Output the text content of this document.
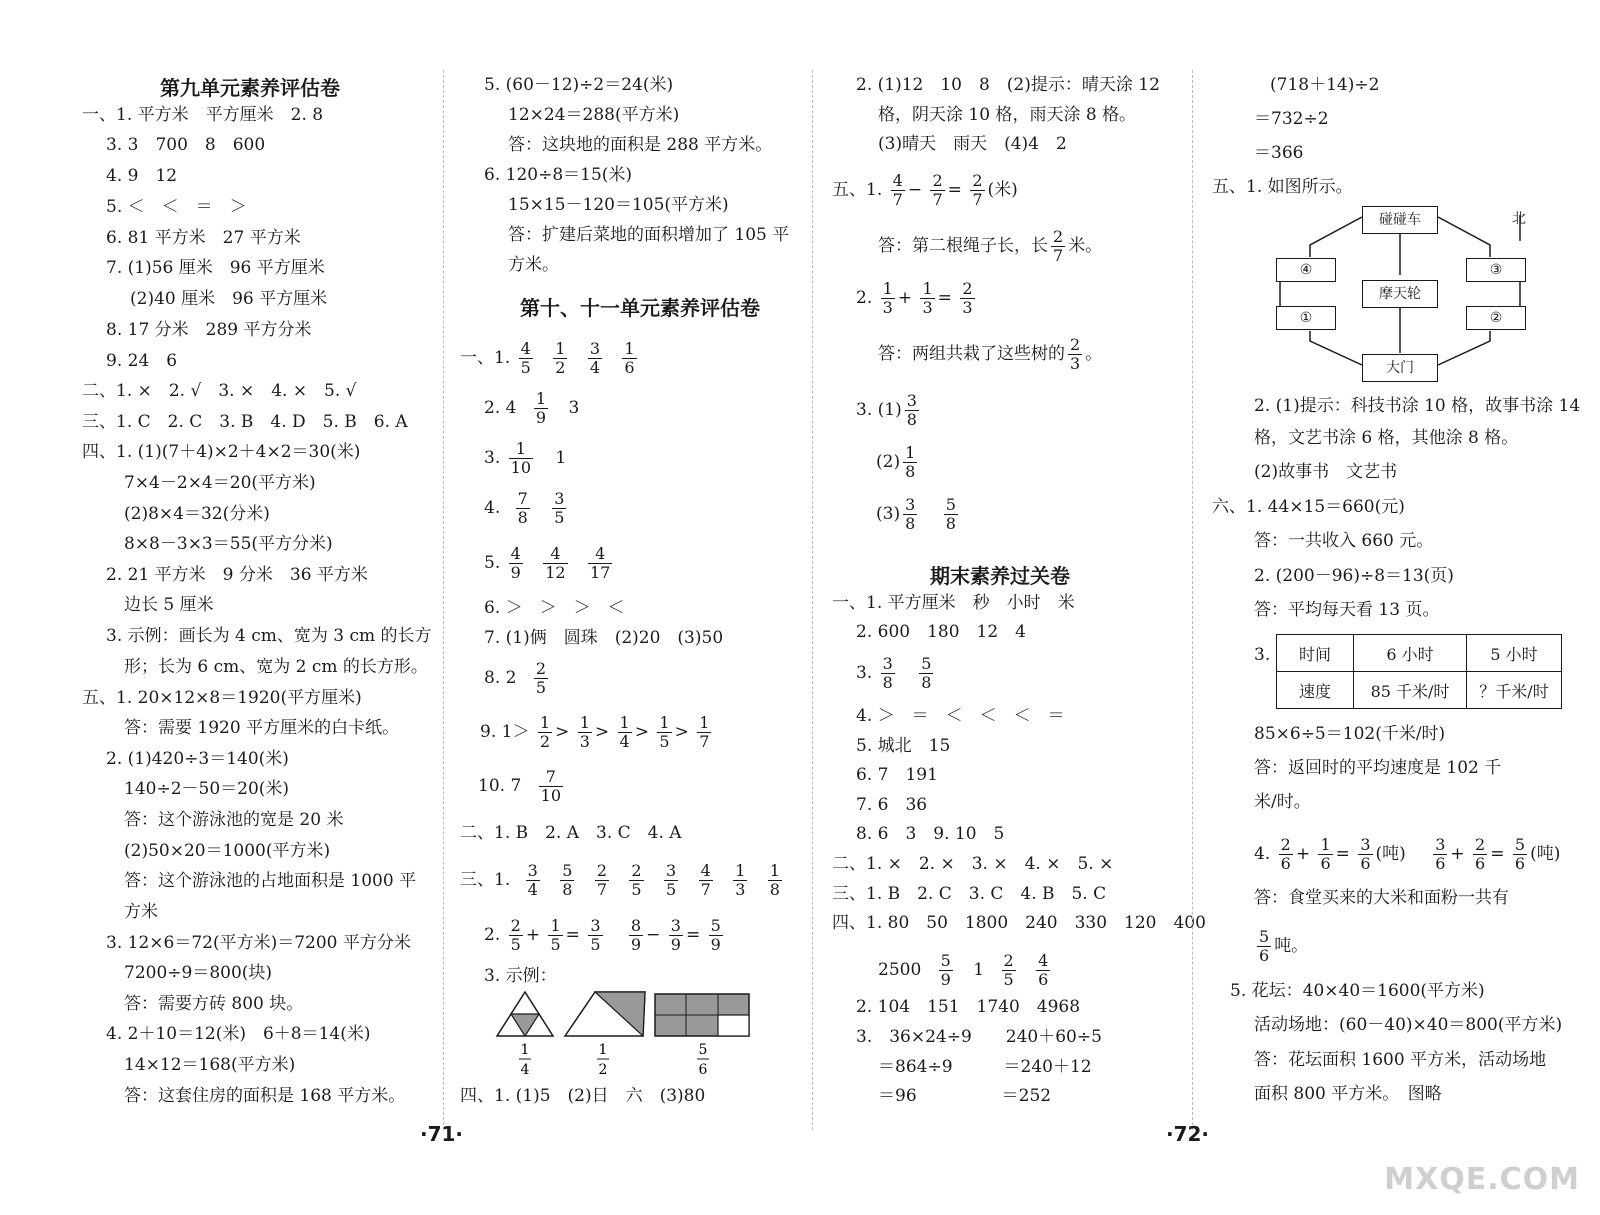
第九单元素养评估卷
一、1. 平方米　平方厘米　2. 8
3. 3　700　8　600
4. 9　12
5. ＜　＜　＝　＞
6. 81 平方米　27 平方米
7. (1)56 厘米　96 平方厘米
(2)40 厘米　96 平方厘米
8. 17 分米　289 平方分米
9. 24　6
二、1. ×　2. √　3. ×　4. ×　5. √
三、1. C　2. C　3. B　4. D　5. B　6. A
四、1. (1)(7＋4)×2＋4×2＝30(米)
7×4－2×4＝20(平方米)
(2)8×4＝32(分米)
8×8－3×3＝55(平方分米)
2. 21 平方米　9 分米　36 平方米
边长 5 厘米
3. 示例：画长为 4 cm、宽为 3 cm 的长方
形；长为 6 cm、宽为 2 cm 的长方形。
五、1. 20×12×8＝1920(平方厘米)
答：需要 1920 平方厘米的白卡纸。
2. (1)420÷3＝140(米)
140÷2－50＝20(米)
答：这个游泳池的宽是 20 米
(2)50×20＝1000(平方米)
答：这个游泳池的占地面积是 1000 平
方米
3. 12×6＝72(平方米)＝7200 平方分米
7200÷9＝800(块)
答：需要方砖 800 块。
4. 2＋10＝12(米)　6＋8＝14(米)
14×12＝168(平方米)
答：这套住房的面积是 168 平方米。
5. (60－12)÷2＝24(米)
12×24＝288(平方米)
答：这块地的面积是 288 平方米。
6. 120÷8＝15(米)
15×15－120＝105(平方米)
答：扩建后菜地的面积增加了 105 平
方米。
第十、十一单元素养评估卷
一、1. $\frac{4}{5}$
$\frac{1}{2}$
$\frac{3}{4}$
$\frac{1}{6}$
2. $4 \frac{1}{9} 3$
3. $\frac{1}{10} 1$
4. $\frac{7}{8}$
$\frac{3}{5}$
5. $\frac{4}{9}$
$\frac{4}{12}$
$\frac{4}{17}$
6. ＞　＞　＞　＜
7. (1)俩　圆珠　(2)20　(3)50
8. $2 \frac{2}{5}$
9. $1> \frac{1}{2} > \frac{1}{3} > \frac{1}{4} > \frac{1}{5} > \frac{1}{7}$
10. $7 \frac{7}{10}$
二、1. B　2. A　3. C　4. A
三、1. $\frac{3}{4}$
$\frac{5}{8}$
$\frac{2}{7}$
$\frac{2}{5}$
$\frac{3}{5}$
$\frac{4}{7}$
$\frac{1}{3}$
$\frac{1}{8}$
2. $\frac{2}{5} + \frac{1}{5} = \frac{3}{5}$
$\frac{8}{9} - \frac{3}{9} = \frac{5}{9}$
3. 示例：
1
4
1
2
5
6
四、1. (1)5　(2)日　六　(3)80
·71·
2. (1)12　10　8　(2)提示：晴天涂 12
格，阴天涂 10 格，雨天涂 8 格。
(3)晴天　雨天　(4)4　2
五、1. $\frac{4}{7} - \frac{2}{7} = \frac{2}{7}$ (米)
答：第二根绳子长，长 $\frac{2}{7}$ 米。
2. $\frac{1}{3} + \frac{1}{3} = \frac{2}{3}$
答：两组共栽了这些树的 $\frac{2}{3}$ 。
3. $(1) \frac{3}{8}$
$(2) \frac{1}{8}$
$(3) \frac{3}{8}$
$\frac{5}{8}$
期末素养过关卷
一、1. 平方厘米　秒　小时　米
2. 600　180　12　4
3. $\frac{3}{8}$
$\frac{5}{8}$
4. ＞　＝　＜　＜　＜　＝
5. 城北　15
6. 7　191
7. 6　36
8. 6　3　9. 10　5
二、1. ×　2. ×　3. ×　4. ×　5. ×
三、1. B　2. C　3. C　4. B　5. C
四、1. 80　50　1800　240　330　120　400
$2500 \frac{5}{9} 1 \frac{2}{5}$
$\frac{4}{6}$
2. 104　151　1740　4968
3.　36×24÷9　　240＋60÷5
＝864÷9　　　＝240＋12
＝96　　　　　＝252
(718＋14)÷2
＝732÷2
＝366
五、1. 如图所示。
碰碰车
摩天轮
大门
④	③
①	②
北
2. (1)提示：科技书涂 10 格，故事书涂 14
格，文艺书涂 6 格，其他涂 8 格。
(2)故事书　文艺书
六、1. 44×15＝660(元)
答：一共收入 660 元。
2. (200－96)÷8＝13(页)
答：平均每天看 13 页。
3. 时间	6 小时	5 小时
速度	85 千米/时	？千米/时
85×6÷5＝102(千米/时)
答：返回时的平均速度是 102 千
米/时。
4. $\frac{2}{6} + \frac{1}{6} = \frac{3}{6}$ (吨) $\frac{3}{6} + \frac{2}{6} = \frac{5}{6}$ (吨)
答：食堂买来的大米和面粉一共有
$\frac{5}{6}$ 吨。
5. 花坛：40×40＝1600(平方米)
活动场地：(60－40)×40＝800(平方米)
答：花坛面积 1600 平方米，活动场地
面积 800 平方米。　图略
·72·
MXQE.COM
